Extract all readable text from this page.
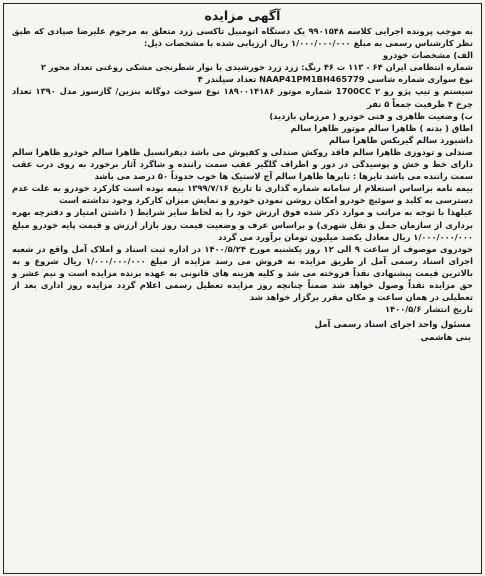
آگهی مزایده

به موجب پرونده اجرایی کلاسه ۹۹۰۱۵۴۸ یک دستگاه اتومبیل تاکسی زرد متعلق به مرحوم علیرضا صیادی که طبق نظر کارشناس رسمی به مبلغ ۱/۰۰۰/۰۰۰/۰۰۰ ریال ارزیابی شده با مشخصات ذیل:

الف) مشخصات خودرو

شماره انتظامی ایران ۶۴ - ۱۱۳ ت ۴۶ رنگ: زرد زرد خورشیدی با نوار شطرنجی مشکی روغنی تعداد محور ۲

نوع سواری شماره شاسی NAAP41PM1BH465779 تعداد سیلندر ۴

سیستم و تیپ پژو رو ۲ 1700CC شماره موتور ۱۸۹۰۰۱۴۱۸۶ نوع سوخت دوگانه بنزین/ گازسوز مدل ۱۳۹۰ تعداد چرخ ۴ ظرفیت جمعاً ۵ نفر

ب) وضعیت ظاهری و فنی خودرو ( مرزمان بازدید)

اطاق ( بدنه ) ظاهرا سالم موتور ظاهرا سالم

داشبورد سالم گیربکس ظاهرا سالم

صندلی و تودوزی ظاهرا سالم فاقد روکش صندلی و کفپوش می باشد دیفرانسیل ظاهرا سالم خودرو ظاهرا سالم دارای خط و خش و پوسیدگی در دور و اطراف گلگیر عقب سمت راننده و شاگرد آثار برخورد به روی درب عقب سمت راننده می باشد تایرها : تایرها ظاهرا سالم آج لاستیک ها خوب حدوداً ۵۰ درصد می باشد

بیمه نامه براساس استعلام از سامانه شماره گذاری تا تاریخ ۱۳۹۹/۷/۱۶ بیمه بوده است کارکرد خودرو به علت عدم دسترسی به کلید و سوئیچ خودرو امکان روشن نمودن خودرو و نمایش میزان کارکرد وجود نداشته است

عیلهذا با توجه به مراتب و موارد ذکر شده فوق ارزش خود را به لحاظ سایر شرایط ( داشتن امتیاز و دفترچه بهره برداری از سازمان حمل و نقل شهری) و براساس عرف و وضعیت قیمت روز بازار ارزش و قیمت پایه خودرو مبلغ ۱/۰۰۰/۰۰۰/۰۰۰ ریال معادل یکصد میلیون تومان برآورد می گردد

خودروی موصوف از ساعت ۹ الی ۱۲ روز یکشنبه مورخ ۱۴۰۰/۵/۲۴ در اداره ثبت اسناد و املاک آمل واقع در شعبه اجرای اسناد رسمی آمل از طریق مزایده به فروش می رسد مزایده از مبلغ ۱/۰۰۰/۰۰۰/۰۰۰ ریال شروع و به بالاترین قیمت پیشنهادی نقداً فروخته می شد و کلیه هزینه های قانونی به عهده برنده مزایده است و نیم عشر و حق مزایده نقداً وصول خواهد شد ضمناً چنانچه روز مزایده تعطیل رسمی اعلام گردد مزایده روز اداری بعد از تعطیلی در همان ساعت و مکان مقرر برگزار خواهد شد

تاریخ انتشار ۱۴۰۰/۵/۶

مسئول واحد اجرای اسناد رسمی آمل
بنی هاشمی
